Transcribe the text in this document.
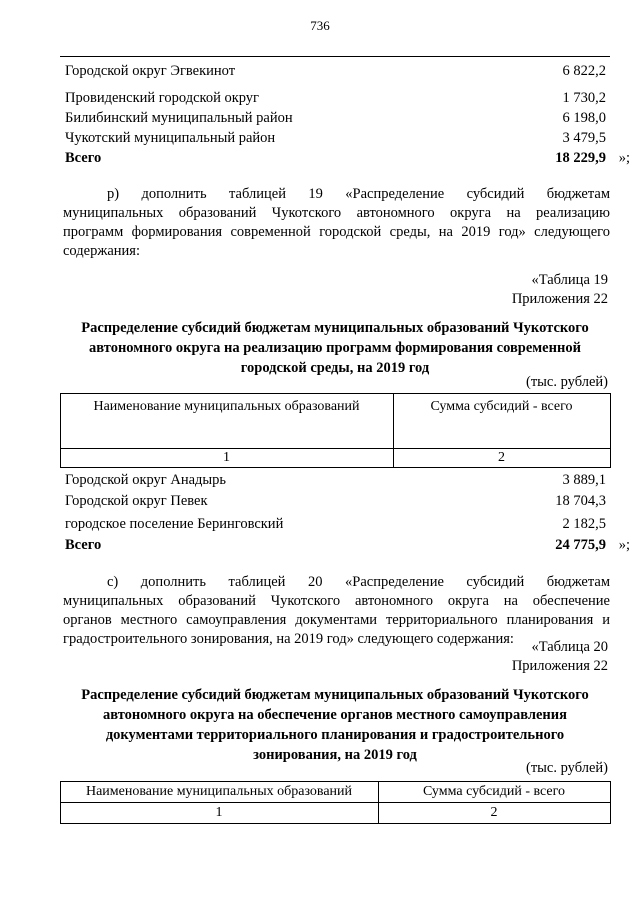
736
Городской округ Эгвекинот	6 822,2
Провиденский городской округ	1 730,2
Билибинский муниципальный район	6 198,0
Чукотский муниципальный район	3 479,5
Всего	18 229,9 »;
р) дополнить таблицей 19 «Распределение субсидий бюджетам
муниципальных образований Чукотского автономного округа на реализацию
программ формирования современной городской среды, на 2019 год» следующего
содержания:
«Таблица 19
Приложения 22
Распределение субсидий бюджетам муниципальных образований Чукотского
автономного округа на реализацию программ формирования современной
городской среды, на 2019 год
(тыс. рублей)
Наименование муниципальных образований	Сумма субсидий - всего
1	2
Городской округ Анадырь	3 889,1
Городской округ Певек	18 704,3
городское поселение Беринговский	2 182,5
Всего	24 775,9 »;
с) дополнить таблицей 20 «Распределение субсидий бюджетам
муниципальных образований Чукотского автономного округа на обеспечение
органов местного самоуправления документами территориального планирования и
градостроительного зонирования, на 2019 год» следующего содержания:	«Таблица 20
Приложения 22
Распределение субсидий бюджетам муниципальных образований Чукотского
автономного округа на обеспечение органов местного самоуправления
документами территориального планирования и градостроительного
зонирования, на 2019 год
(тыс. рублей)
Наименование муниципальных образований	Сумма субсидий - всего
1	2
